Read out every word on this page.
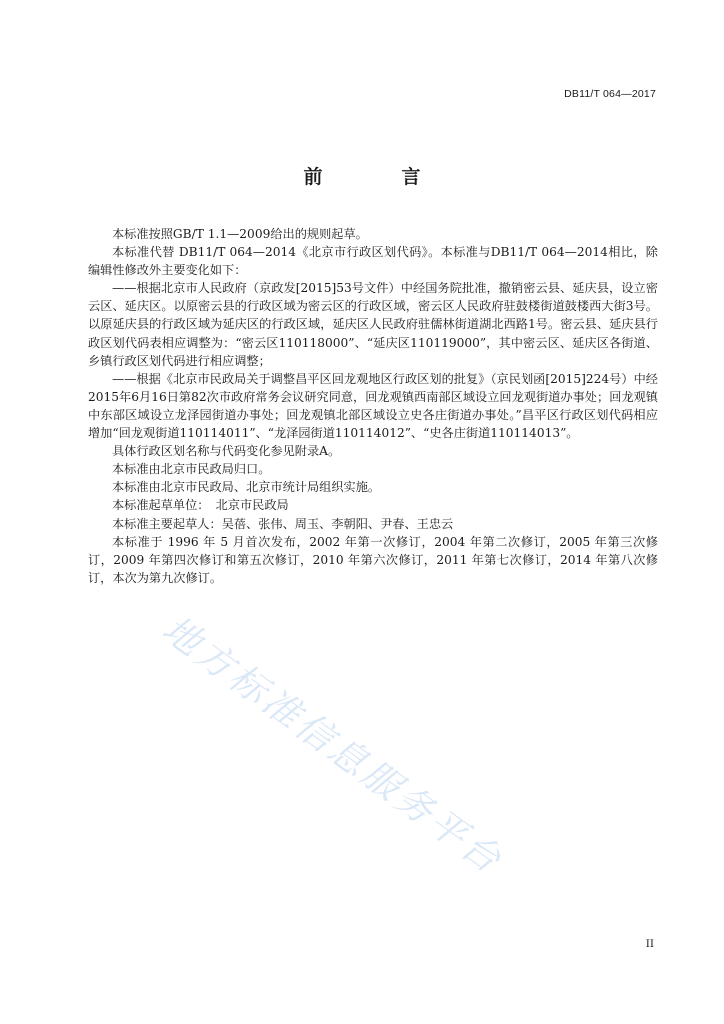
DB11/T 064—2017
前　言

本标准按照GB/T 1.1—2009给出的规则起草。

本标准代替 DB11/T 064—2014《北京市行政区划代码》。本标准与DB11/T 064—2014相比，除编辑性修改外主要变化如下：

——根据北京市人民政府（京政发[2015]53号文件）中经国务院批准，撤销密云县、延庆县，设立密云区、延庆区。以原密云县的行政区域为密云区的行政区域，密云区人民政府驻鼓楼街道鼓楼西大街3号。以原延庆县的行政区域为延庆区的行政区域，延庆区人民政府驻儒林街道湖北西路1号。密云县、延庆县行政区划代码表相应调整为：“密云区110118000”、“延庆区110119000”，其中密云区、延庆区各街道、乡镇行政区划代码进行相应调整；

——根据《北京市民政局关于调整昌平区回龙观地区行政区划的批复》（京民划函[2015]224号）中经2015年6月16日第82次市政府常务会议研究同意，回龙观镇西南部区域设立回龙观街道办事处；回龙观镇中东部区域设立龙泽园街道办事处；回龙观镇北部区域设立史各庄街道办事处。”昌平区行政区划代码相应增加“回龙观街道110114011”、“龙泽园街道110114012”、“史各庄街道110114013”。

具体行政区划名称与代码变化参见附录A。

本标准由北京市民政局归口。

本标准由北京市民政局、北京市统计局组织实施。

本标准起草单位：　北京市民政局

本标准主要起草人：吴蓓、张伟、周玉、李朝阳、尹春、王忠云

本标准于 1996 年 5 月首次发布，2002 年第一次修订，2004 年第二次修订，2005 年第三次修订，2009 年第四次修订和第五次修订，2010 年第六次修订，2011 年第七次修订，2014 年第八次修订，本次为第九次修订。

地方标准信息服务平台
II
